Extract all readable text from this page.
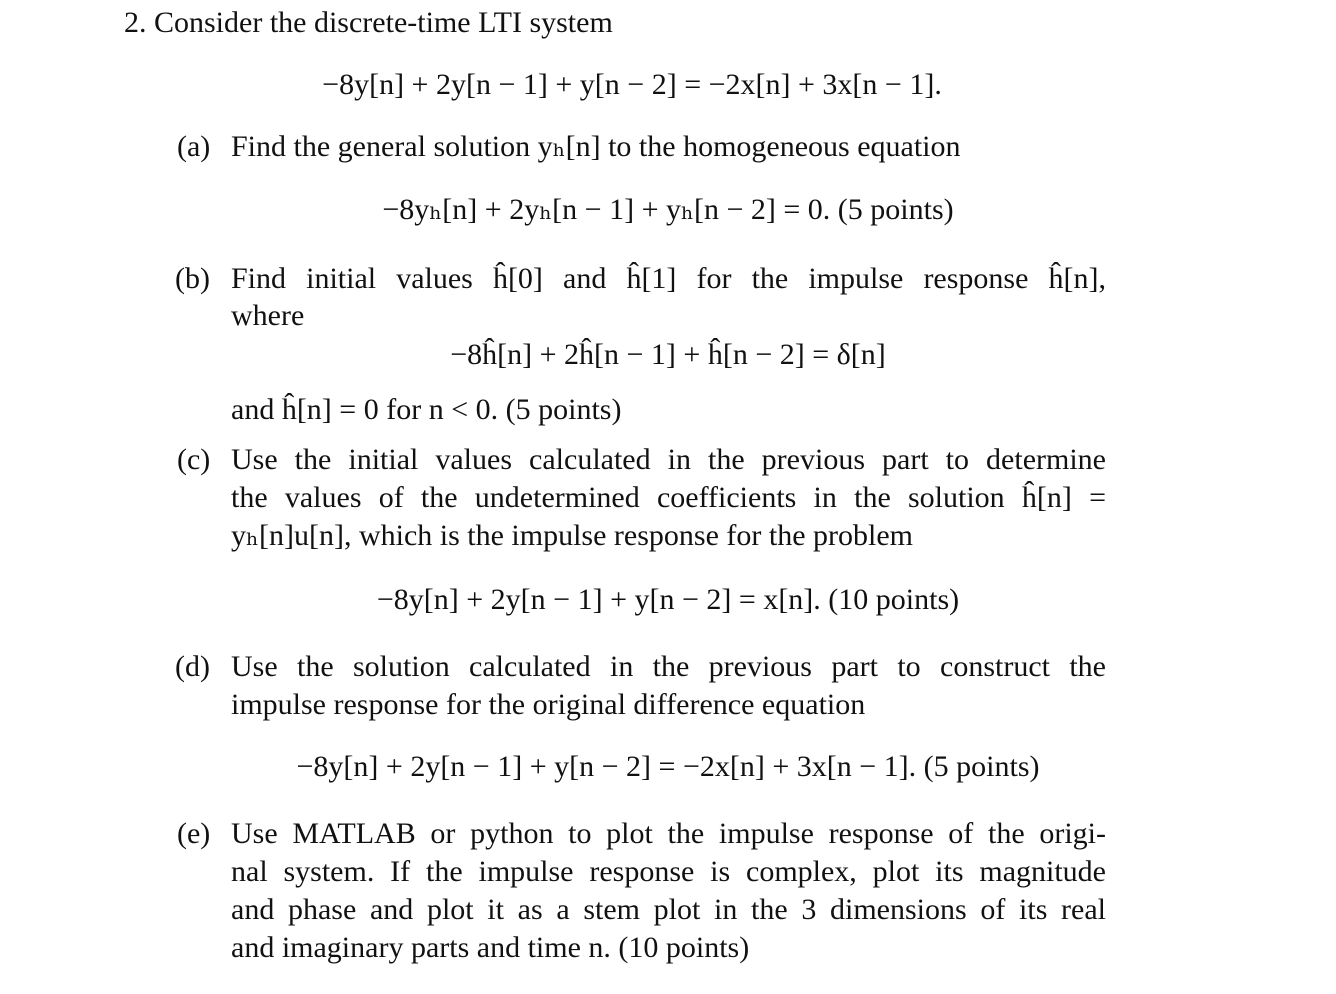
2. Consider the discrete-time LTI system
−8y[n] + 2y[n − 1] + y[n − 2] = −2x[n] + 3x[n − 1].
(a) Find the general solution yₕ[n] to the homogeneous equation
−8yₕ[n] + 2yₕ[n − 1] + yₕ[n − 2] = 0. (5 points)
(b) Find initial values ĥ[0] and ĥ[1] for the impulse response ĥ[n],
where
−8ĥ[n] + 2ĥ[n − 1] + ĥ[n − 2] = δ[n]
and ĥ[n] = 0 for n < 0. (5 points)
(c) Use the initial values calculated in the previous part to determine
the values of the undetermined coefficients in the solution ĥ[n] =
yₕ[n]u[n], which is the impulse response for the problem
−8y[n] + 2y[n − 1] + y[n − 2] = x[n]. (10 points)
(d) Use the solution calculated in the previous part to construct the
impulse response for the original difference equation
−8y[n] + 2y[n − 1] + y[n − 2] = −2x[n] + 3x[n − 1]. (5 points)
(e) Use MATLAB or python to plot the impulse response of the origi-
nal system. If the impulse response is complex, plot its magnitude
and phase and plot it as a stem plot in the 3 dimensions of its real
and imaginary parts and time n. (10 points)
